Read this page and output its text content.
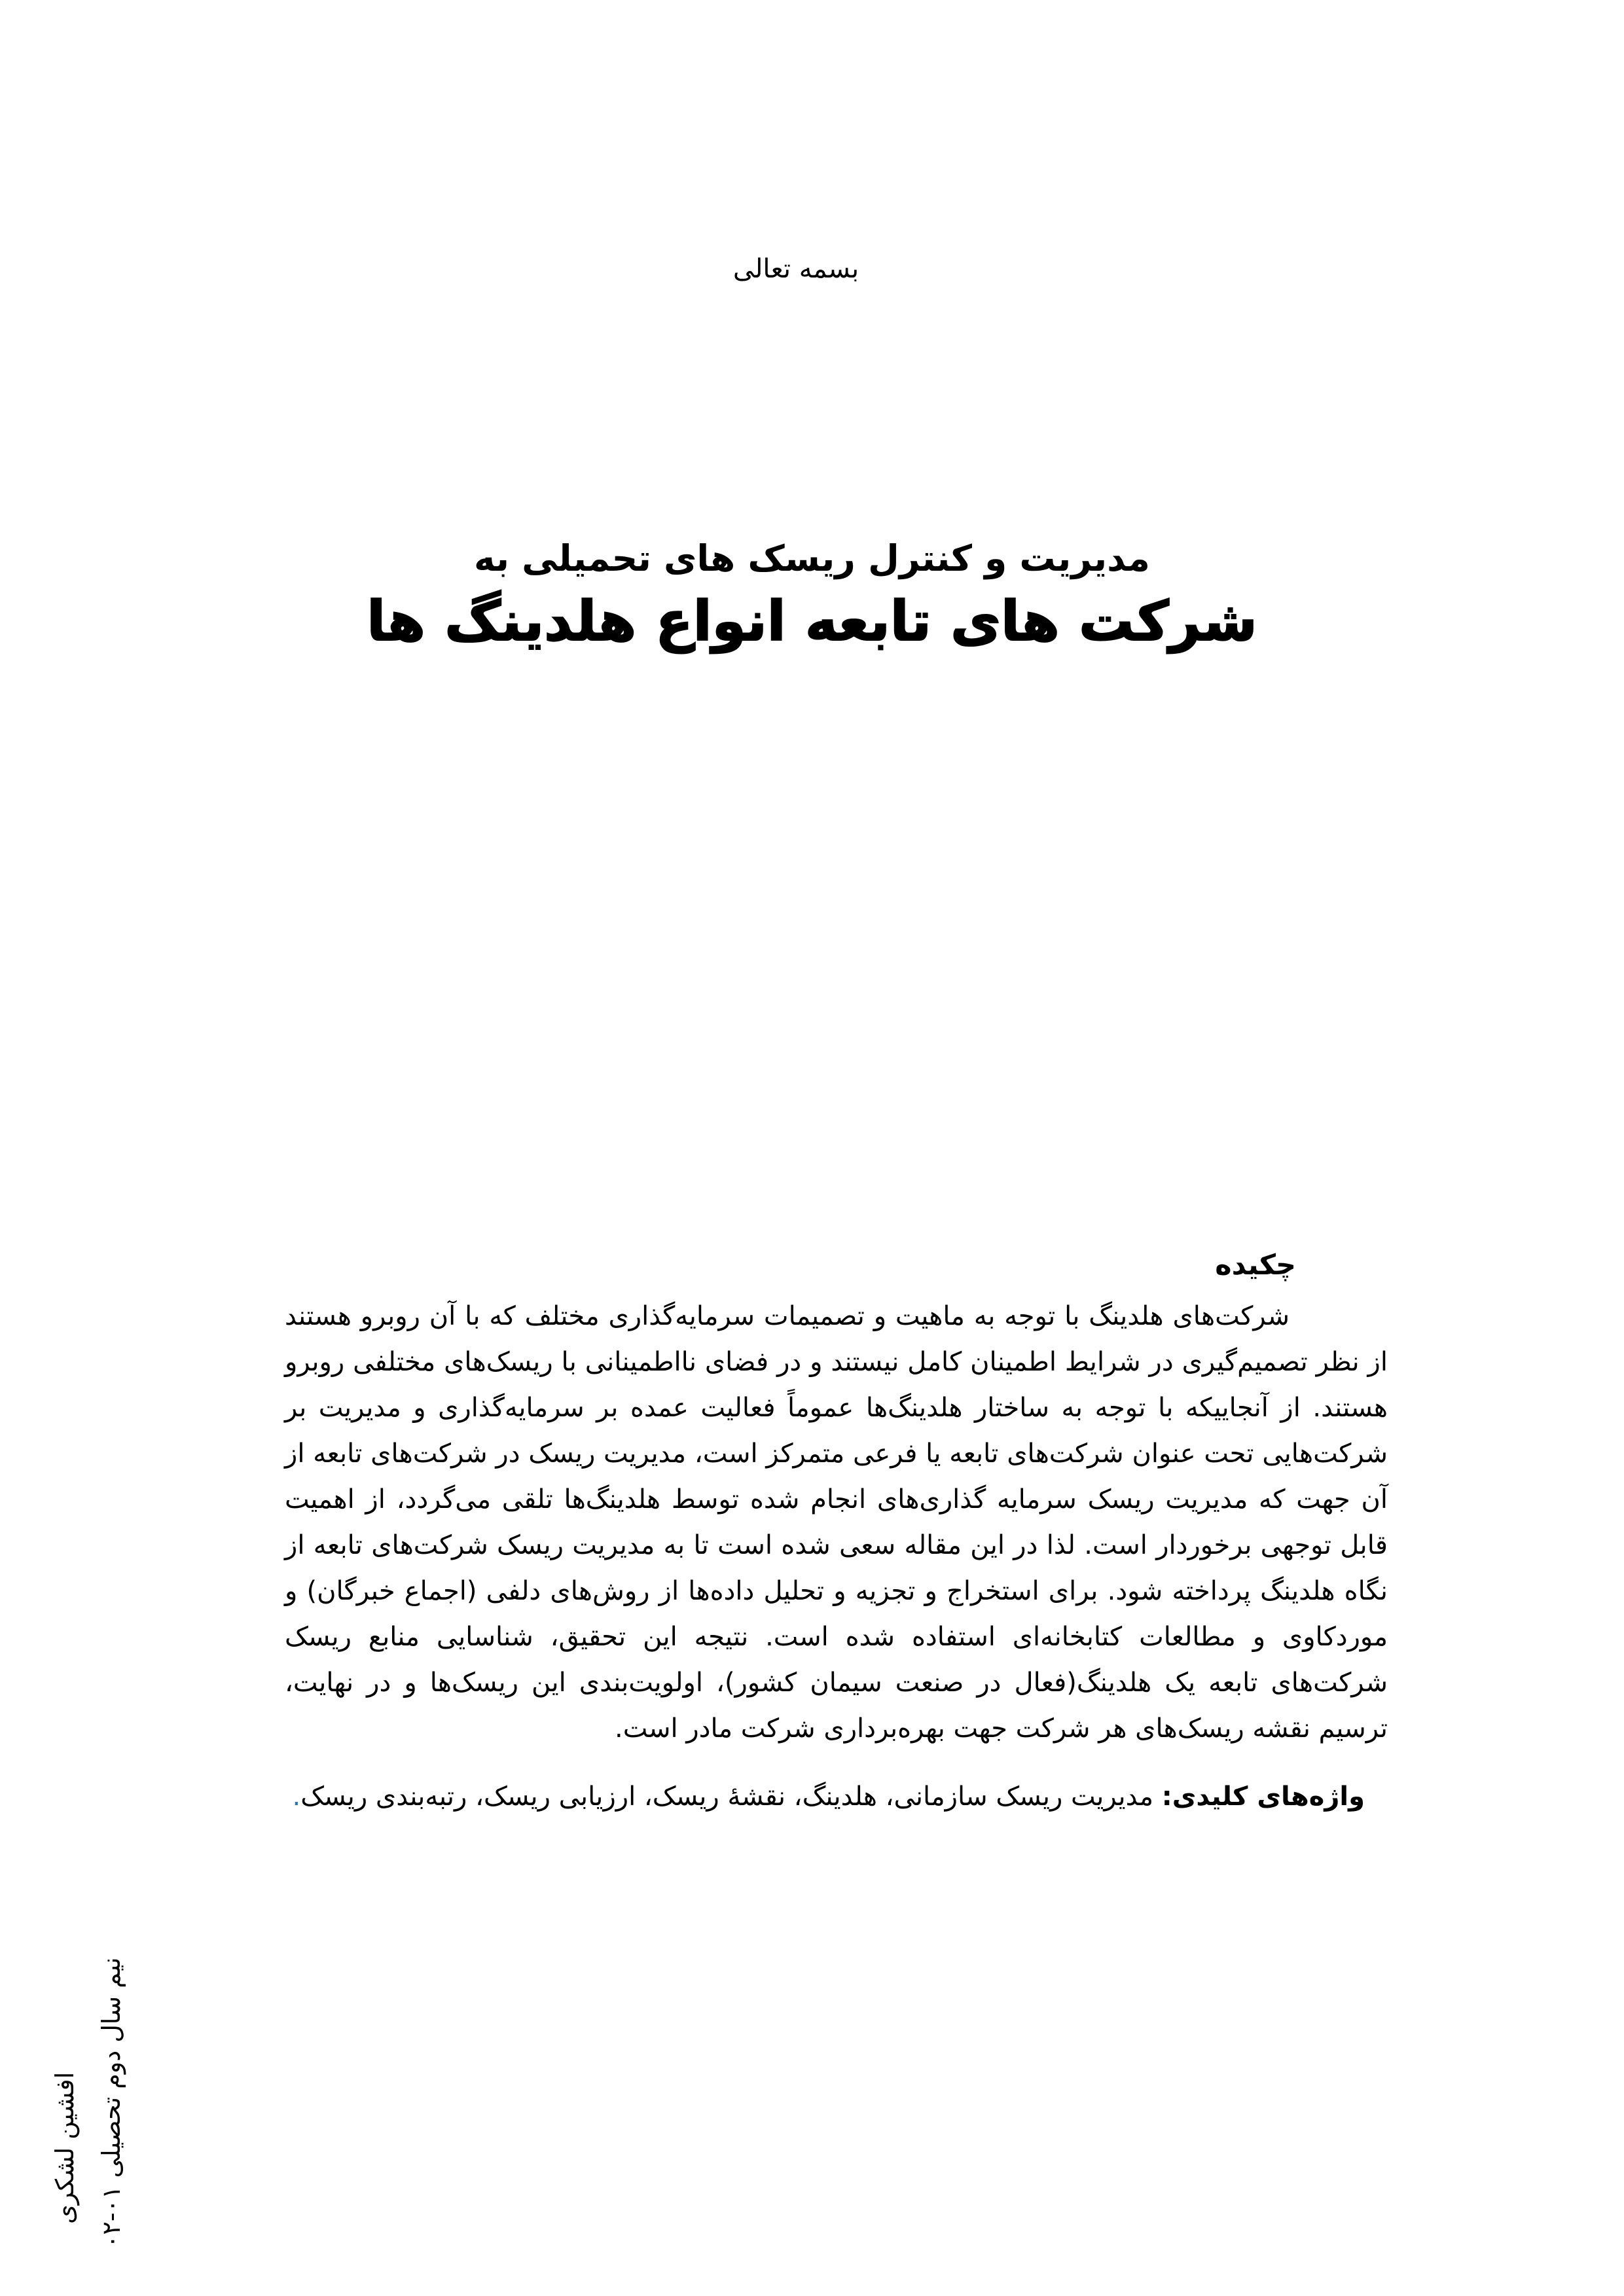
بسمه تعالی
مدیریت و کنترل ریسک های تحمیلی به
شرکت های تابعه انواع هلدینگ ها
چکیده

شرکت‌های هلدینگ با توجه به ماهیت و تصمیمات سرمایه‌گذاری مختلف که با آن روبرو هستند از نظر تصمیم‌گیری در شرایط اطمینان کامل نیستند و در فضای نااطمینانی با ریسک‌های مختلفی روبرو هستند. از آنجاییکه با توجه به ساختار هلدینگ‌ها عموماً فعالیت عمده بر سرمایه‌گذاری و مدیریت بر شرکت‌هایی تحت عنوان شرکت‌های تابعه یا فرعی متمرکز است، مدیریت ریسک در شرکت‌های تابعه از آن جهت که مدیریت ریسک سرمایه گذاری‌های انجام شده توسط هلدینگ‌ها تلقی می‌گردد، از اهمیت قابل توجهی برخوردار است. لذا در این مقاله سعی شده است تا به مدیریت ریسک شرکت‌های تابعه از نگاه هلدینگ پرداخته شود. برای استخراج و تجزیه و تحلیل داده‌ها از روش‌های دلفی (اجماع خبرگان) و موردکاوی و مطالعات کتابخانه‌ای استفاده شده است. نتیجه این تحقیق، شناسایی منابع ریسک شرکت‌های تابعه یک هلدینگ(فعال در صنعت سیمان کشور)، اولویت‌بندی این ریسک‌ها و در نهایت، ترسیم نقشه ریسک‌های هر شرکت جهت بهره‌برداری شرکت مادر است.

واژه‌های کلیدی: مدیریت ریسک سازمانی، هلدینگ، نقشۀ ریسک، ارزیابی ریسک، رتبه‌بندی ریسک.

نیم سال دوم تحصیلی ۰۱-۰۲
افشین لشکری
